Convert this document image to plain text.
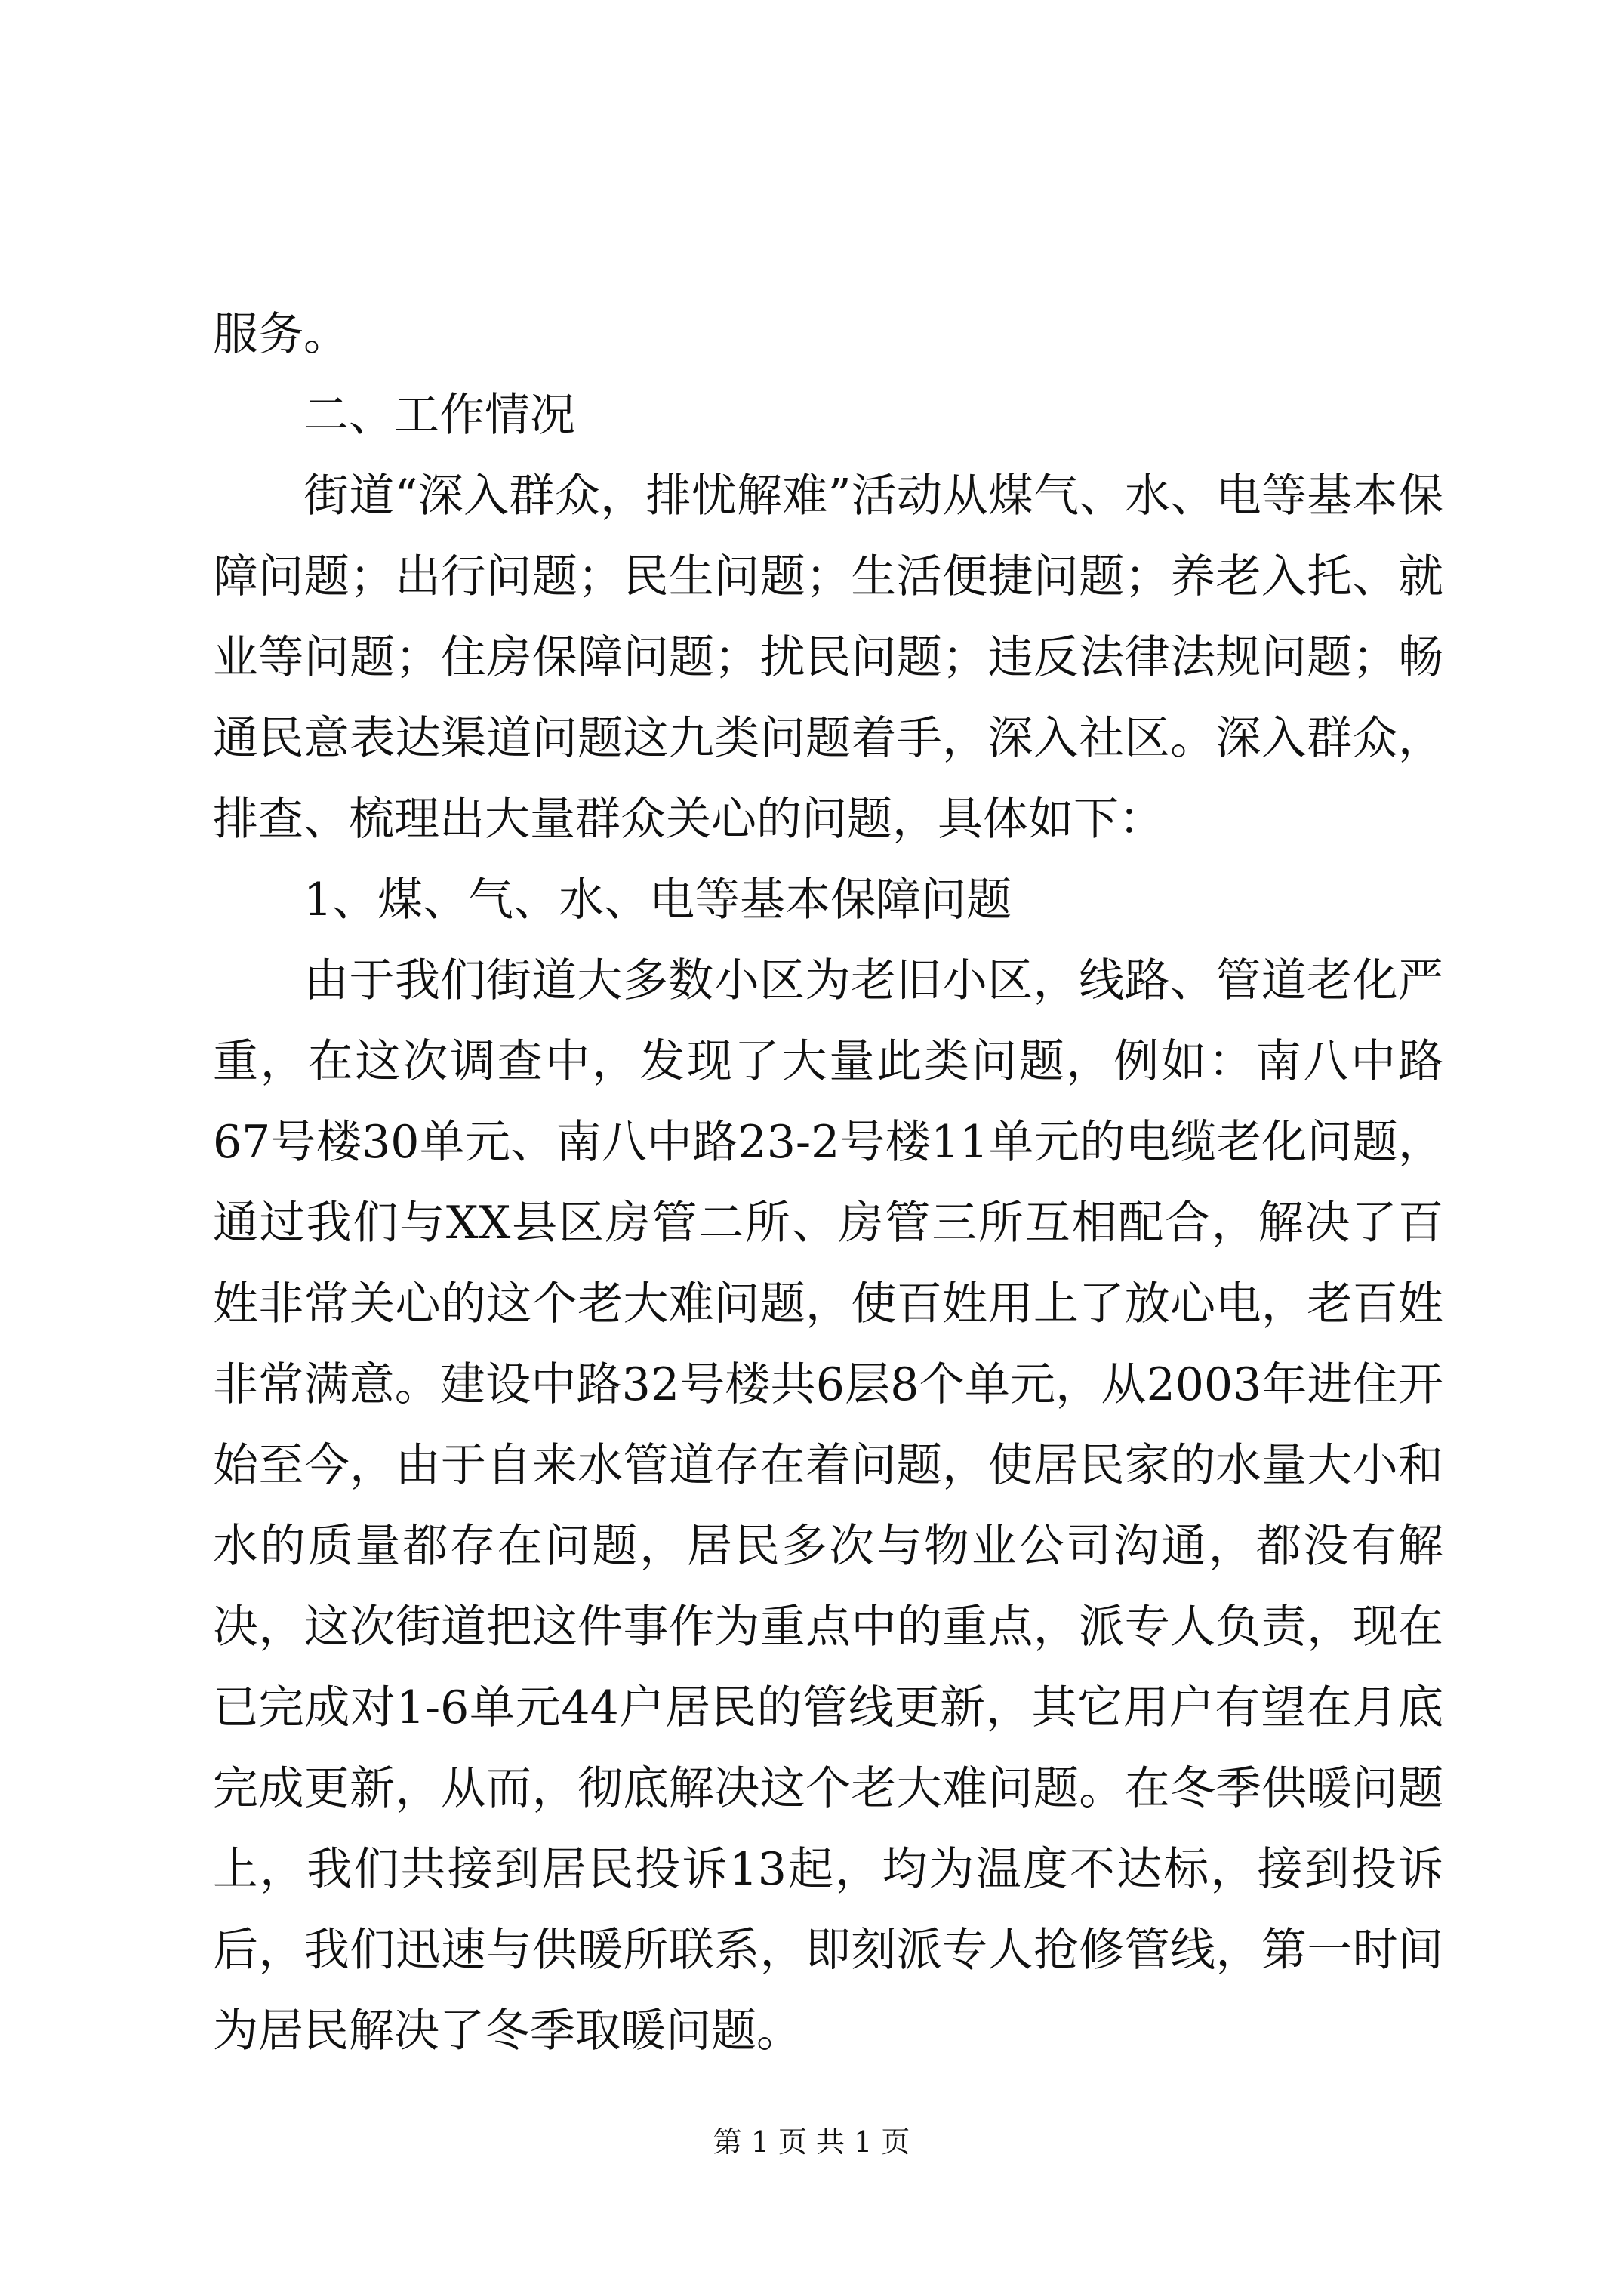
服务。

二、工作情况

街道“深入群众，排忧解难”活动从煤气、水、电等基本保障问题；出行问题；民生问题；生活便捷问题；养老入托、就业等问题；住房保障问题；扰民问题；违反法律法规问题；畅通民意表达渠道问题这九类问题着手，深入社区。深入群众，排查、梳理出大量群众关心的问题，具体如下：

1、煤、气、水、电等基本保障问题

由于我们街道大多数小区为老旧小区，线路、管道老化严重，在这次调查中，发现了大量此类问题，例如：南八中路67号楼30单元、南八中路23-2号楼11单元的电缆老化问题，通过我们与XX县区房管二所、房管三所互相配合，解决了百姓非常关心的这个老大难问题，使百姓用上了放心电，老百姓非常满意。建设中路32号楼共6层8个单元，从2003年进住开始至今，由于自来水管道存在着问题，使居民家的水量大小和水的质量都存在问题，居民多次与物业公司沟通，都没有解决，这次街道把这件事作为重点中的重点，派专人负责，现在已完成对1-6单元44户居民的管线更新，其它用户有望在月底完成更新，从而，彻底解决这个老大难问题。在冬季供暖问题上，我们共接到居民投诉13起，均为温度不达标，接到投诉后，我们迅速与供暖所联系，即刻派专人抢修管线，第一时间为居民解决了冬季取暖问题。

第 1 页 共 1 页
